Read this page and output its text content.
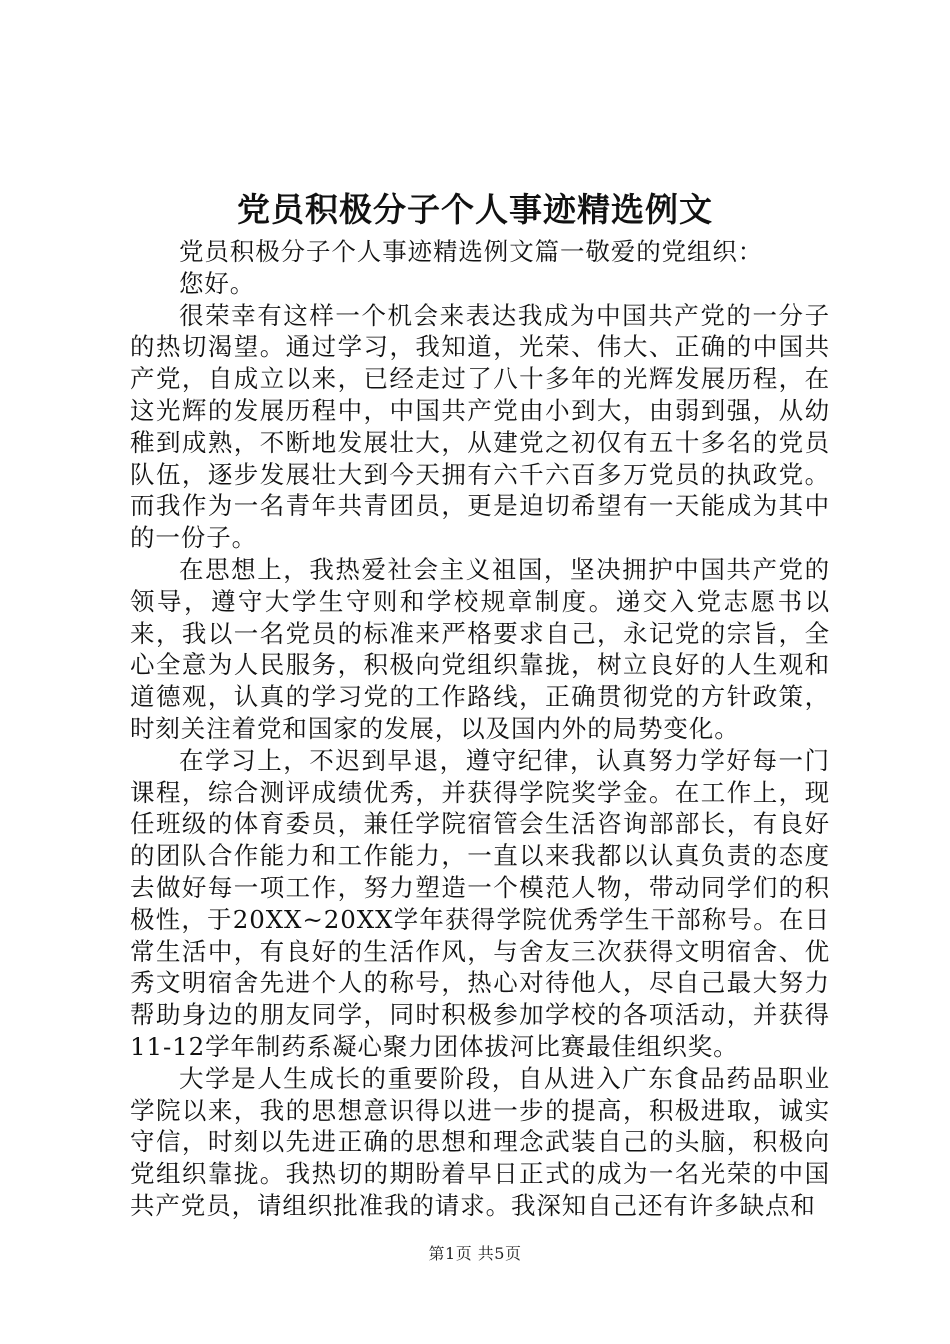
党员积极分子个人事迹精选例文

党员积极分子个人事迹精选例文篇一敬爱的党组织：

您好。

很荣幸有这样一个机会来表达我成为中国共产党的一分子的热切渴望。通过学习，我知道，光荣、伟大、正确的中国共产党，自成立以来，已经走过了八十多年的光辉发展历程，在这光辉的发展历程中，中国共产党由小到大，由弱到强，从幼稚到成熟，不断地发展壮大，从建党之初仅有五十多名的党员队伍，逐步发展壮大到今天拥有六千六百多万党员的执政党。而我作为一名青年共青团员，更是迫切希望有一天能成为其中的一份子。

在思想上，我热爱社会主义祖国，坚决拥护中国共产党的领导，遵守大学生守则和学校规章制度。递交入党志愿书以来，我以一名党员的标准来严格要求自己，永记党的宗旨，全心全意为人民服务，积极向党组织靠拢，树立良好的人生观和道德观，认真的学习党的工作路线，正确贯彻党的方针政策，时刻关注着党和国家的发展，以及国内外的局势变化。

在学习上，不迟到早退，遵守纪律，认真努力学好每一门课程，综合测评成绩优秀，并获得学院奖学金。在工作上，现任班级的体育委员，兼任学院宿管会生活咨询部部长，有良好的团队合作能力和工作能力，一直以来我都以认真负责的态度去做好每一项工作，努力塑造一个模范人物，带动同学们的积极性，于20XX~20XX学年获得学院优秀学生干部称号。在日常生活中，有良好的生活作风，与舍友三次获得文明宿舍、优秀文明宿舍先进个人的称号，热心对待他人，尽自己最大努力帮助身边的朋友同学，同时积极参加学校的各项活动，并获得11-12学年制药系凝心聚力团体拔河比赛最佳组织奖。

大学是人生成长的重要阶段，自从进入广东食品药品职业学院以来，我的思想意识得以进一步的提高，积极进取，诚实守信，时刻以先进正确的思想和理念武装自己的头脑，积极向党组织靠拢。我热切的期盼着早日正式的成为一名光荣的中国共产党员，请组织批准我的请求。我深知自己还有许多缺点和

第1页 共5页
